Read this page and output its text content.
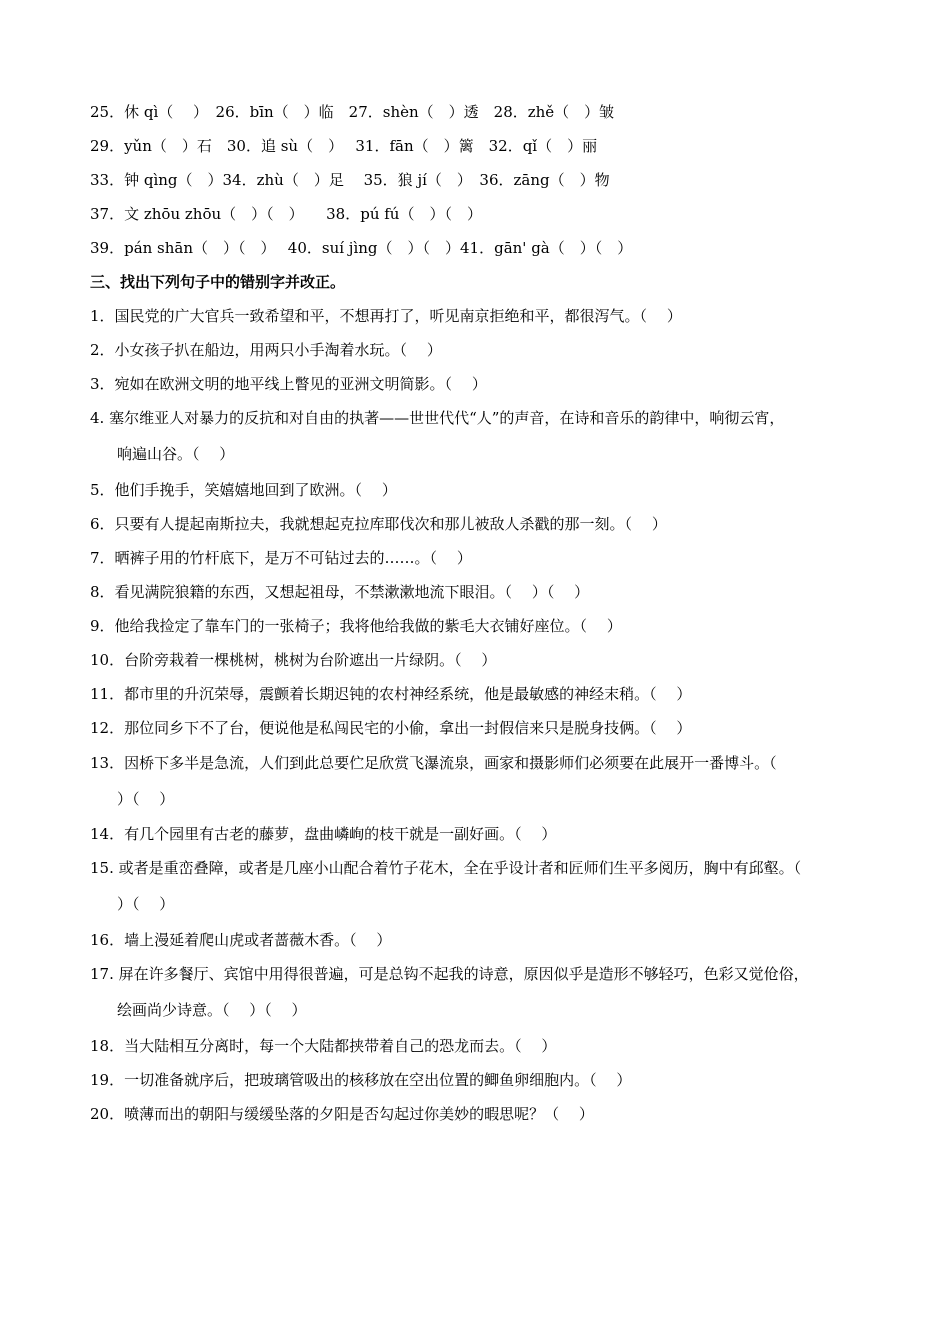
25．休 qì（　 ）　26．bīn（　）临　27．shèn（　）透　28．zhě（　）皱
29．yǔn（　）石　30．追 sù（　）　 31．fān（　）篱　32．qǐ（　）丽
33．钟 qìng（　）34．zhù（　）足　 35．狼 jí（　）　36．zāng（　）物
37．文 zhōu zhōu（　）（　）　　38．pú fú（　）（　）
39．pán shān（　）（　）　 40．suí jìng（　）（　）41．gān' gà（　）（　）
三、找出下列句子中的错别字并改正。
1．国民党的广大官兵一致希望和平，不想再打了，听见南京拒绝和平，都很泻气。（　 ）
2．小女孩子扒在船边，用两只小手淘着水玩。（　 ）
3．宛如在欧洲文明的地平线上瞥见的亚洲文明简影。（　 ）
4. 塞尔维亚人对暴力的反抗和对自由的执著——世世代代“人”的声音，在诗和音乐的韵律中，响彻云宵，
响遍山谷。（　 ）
5．他们手挽手，笑嬉嬉地回到了欧洲。（　 ）
6．只要有人提起南斯拉夫，我就想起克拉库耶伐次和那儿被敌人杀戳的那一刻。（　 ）
7．晒裤子用的竹杆底下，是万不可钻过去的……。（　 ）
8．看见满院狼籍的东西，又想起祖母，不禁漱漱地流下眼泪。（　 ）（　 ）
9．他给我捡定了靠车门的一张椅子；我将他给我做的紫毛大衣铺好座位。（　 ）
10．台阶旁栽着一棵桃树，桃树为台阶遮出一片绿阴。（　 ）
11．都市里的升沉荣辱，震颤着长期迟钝的农村神经系统，他是最敏感的神经末稍。（　 ）
12．那位同乡下不了台，便说他是私闯民宅的小偷，拿出一封假信来只是脱身技俩。（　 ）
13．因桥下多半是急流，人们到此总要伫足欣赏飞瀑流泉，画家和摄影师们必须要在此展开一番博斗。（
）（　 ）
14．有几个园里有古老的藤萝，盘曲嶙峋的枝干就是一副好画。（　 ）
15. 或者是重峦叠障，或者是几座小山配合着竹子花木，全在乎设计者和匠师们生平多阅历，胸中有邱壑。（
）（　 ）
16．墙上漫延着爬山虎或者蔷薇木香。（　 ）
17. 屏在许多餐厅、宾馆中用得很普遍，可是总钩不起我的诗意，原因似乎是造形不够轻巧，色彩又觉伧俗，
绘画尚少诗意。（　 ）（　 ）
18．当大陆相互分离时，每一个大陆都挟带着自己的恐龙而去。（　 ）
19．一切准备就序后，把玻璃管吸出的核移放在空出位置的鲫鱼卵细胞内。（　 ）
20．喷薄而出的朝阳与缓缓坠落的夕阳是否勾起过你美妙的暇思呢？（　 ）
